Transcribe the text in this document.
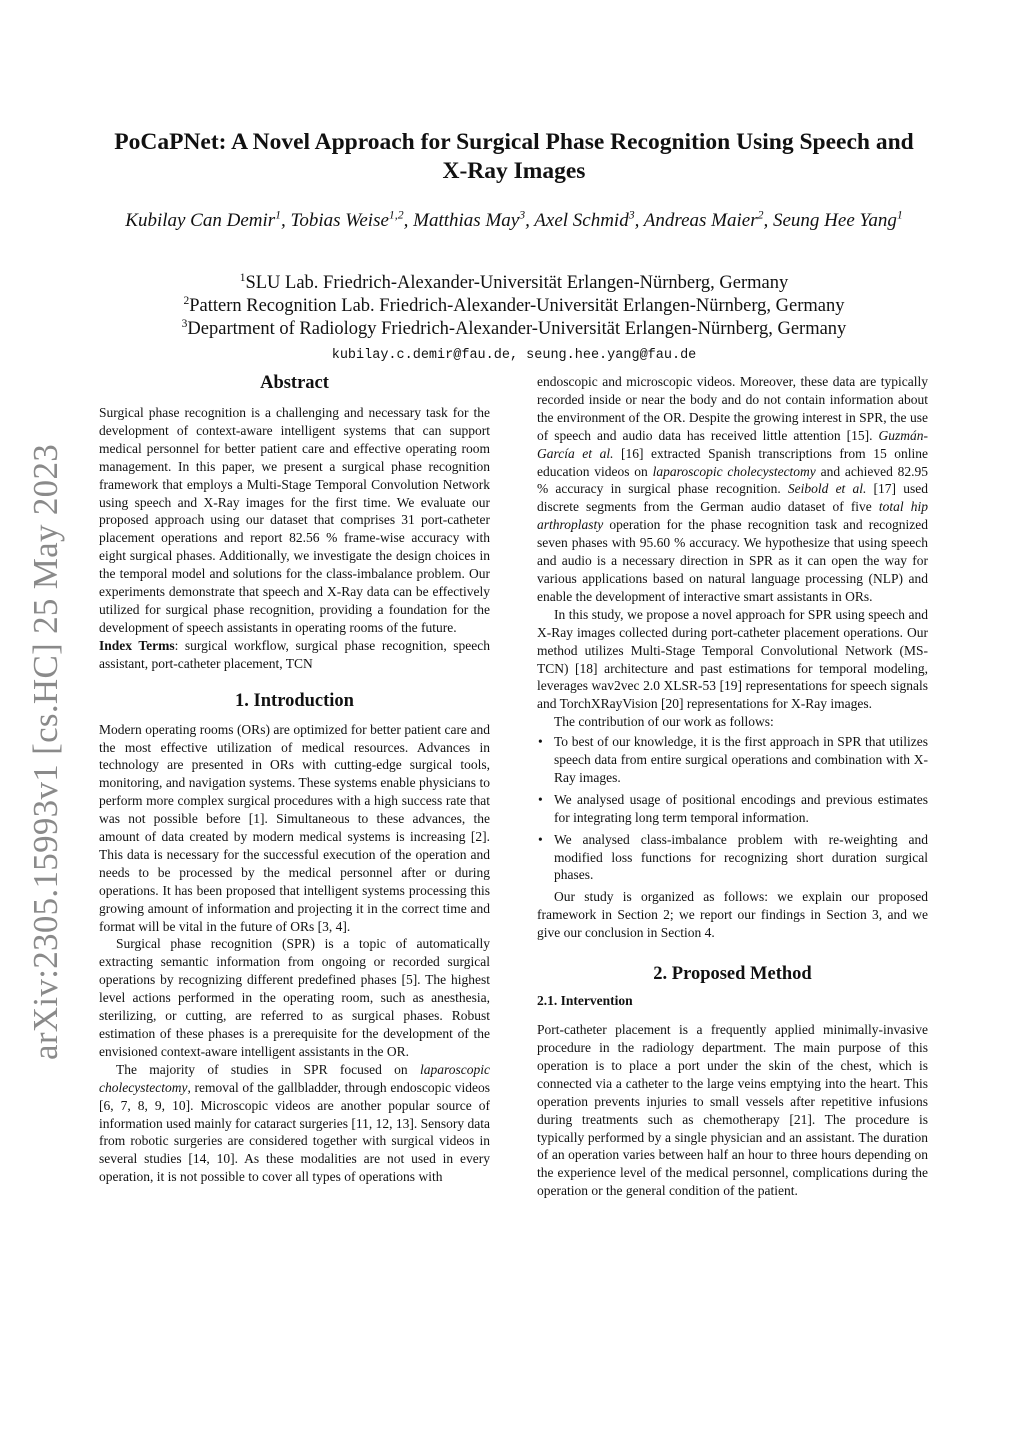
arXiv:2305.15993v1 [cs.HC] 25 May 2023
PoCaPNet: A Novel Approach for Surgical Phase Recognition Using Speech and X-Ray Images
Kubilay Can Demir$^1$, Tobias Weise$^{1,2}$, Matthias May$^3$, Axel Schmid$^3$, Andreas Maier$^2$, Seung Hee Yang$^1$
$^1$SLU Lab. Friedrich-Alexander-Universität Erlangen-Nürnberg, Germany
$^2$Pattern Recognition Lab. Friedrich-Alexander-Universität Erlangen-Nürnberg, Germany
$^3$Department of Radiology Friedrich-Alexander-Universität Erlangen-Nürnberg, Germany
kubilay.c.demir@fau.de, seung.hee.yang@fau.de
Abstract

Surgical phase recognition is a challenging and necessary task for the development of context-aware intelligent systems that can support medical personnel for better patient care and effective operating room management. In this paper, we present a surgical phase recognition framework that employs a Multi-Stage Temporal Convolution Network using speech and X-Ray images for the first time. We evaluate our proposed approach using our dataset that comprises 31 port-catheter placement operations and report 82.56 % frame-wise accuracy with eight surgical phases. Additionally, we investigate the design choices in the temporal model and solutions for the class-imbalance problem. Our experiments demonstrate that speech and X-Ray data can be effectively utilized for surgical phase recognition, providing a foundation for the development of speech assistants in operating rooms of the future.

Index Terms: surgical workflow, surgical phase recognition, speech assistant, port-catheter placement, TCN

1. Introduction

Modern operating rooms (ORs) are optimized for better patient care and the most effective utilization of medical resources. Advances in technology are presented in ORs with cutting-edge surgical tools, monitoring, and navigation systems. These systems enable physicians to perform more complex surgical procedures with a high success rate that was not possible before [1]. Simultaneous to these advances, the amount of data created by modern medical systems is increasing [2]. This data is necessary for the successful execution of the operation and needs to be processed by the medical personnel after or during operations. It has been proposed that intelligent systems processing this growing amount of information and projecting it in the correct time and format will be vital in the future of ORs [3, 4].

Surgical phase recognition (SPR) is a topic of automatically extracting semantic information from ongoing or recorded surgical operations by recognizing different predefined phases [5]. The highest level actions performed in the operating room, such as anesthesia, sterilizing, or cutting, are referred to as surgical phases. Robust estimation of these phases is a prerequisite for the development of the envisioned context-aware intelligent assistants in the OR.

The majority of studies in SPR focused on laparoscopic cholecystectomy, removal of the gallbladder, through endoscopic videos [6, 7, 8, 9, 10]. Microscopic videos are another popular source of information used mainly for cataract surgeries [11, 12, 13]. Sensory data from robotic surgeries are considered together with surgical videos in several studies [14, 10]. As these modalities are not used in every operation, it is not possible to cover all types of operations with

endoscopic and microscopic videos. Moreover, these data are typically recorded inside or near the body and do not contain information about the environment of the OR. Despite the growing interest in SPR, the use of speech and audio data has received little attention [15]. Guzmán-García et al. [16] extracted Spanish transcriptions from 15 online education videos on laparoscopic cholecystectomy and achieved 82.95 % accuracy in surgical phase recognition. Seibold et al. [17] used discrete segments from the German audio dataset of five total hip arthroplasty operation for the phase recognition task and recognized seven phases with 95.60 % accuracy. We hypothesize that using speech and audio is a necessary direction in SPR as it can open the way for various applications based on natural language processing (NLP) and enable the development of interactive smart assistants in ORs.

In this study, we propose a novel approach for SPR using speech and X-Ray images collected during port-catheter placement operations. Our method utilizes Multi-Stage Temporal Convolutional Network (MS-TCN) [18] architecture and past estimations for temporal modeling, leverages wav2vec 2.0 XLSR-53 [19] representations for speech signals and TorchXRayVision [20] representations for X-Ray images.

The contribution of our work as follows:

• To best of our knowledge, it is the first approach in SPR that utilizes speech data from entire surgical operations and combination with X-Ray images.
• We analysed usage of positional encodings and previous estimates for integrating long term temporal information.
• We analysed class-imbalance problem with re-weighting and modified loss functions for recognizing short duration surgical phases.

Our study is organized as follows: we explain our proposed framework in Section 2; we report our findings in Section 3, and we give our conclusion in Section 4.

2. Proposed Method
2.1. Intervention

Port-catheter placement is a frequently applied minimally-invasive procedure in the radiology department. The main purpose of this operation is to place a port under the skin of the chest, which is connected via a catheter to the large veins emptying into the heart. This operation prevents injuries to small vessels after repetitive infusions during treatments such as chemotherapy [21]. The procedure is typically performed by a single physician and an assistant. The duration of an operation varies between half an hour to three hours depending on the experience level of the medical personnel, complications during the operation or the general condition of the patient.
